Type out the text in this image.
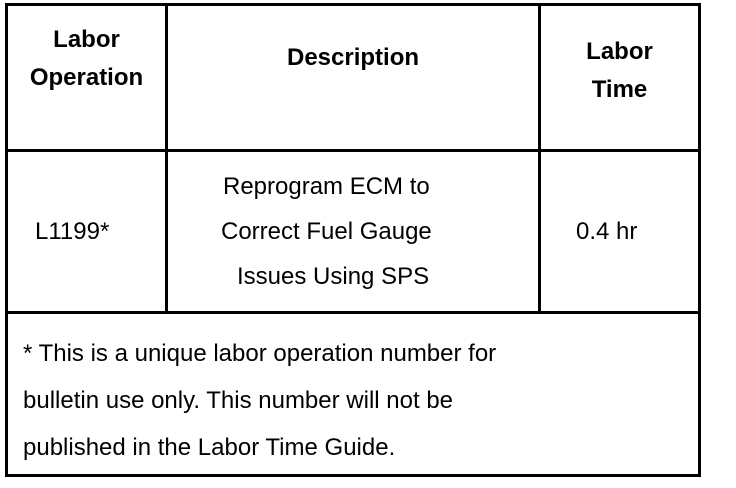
Labor
Operation
Description	Labor
Time
L1199*
Reprogram ECM to
Correct Fuel Gauge
Issues Using SPS
0.4 hr
* This is a unique labor operation number for
bulletin use only. This number will not be
published in the Labor Time Guide.
